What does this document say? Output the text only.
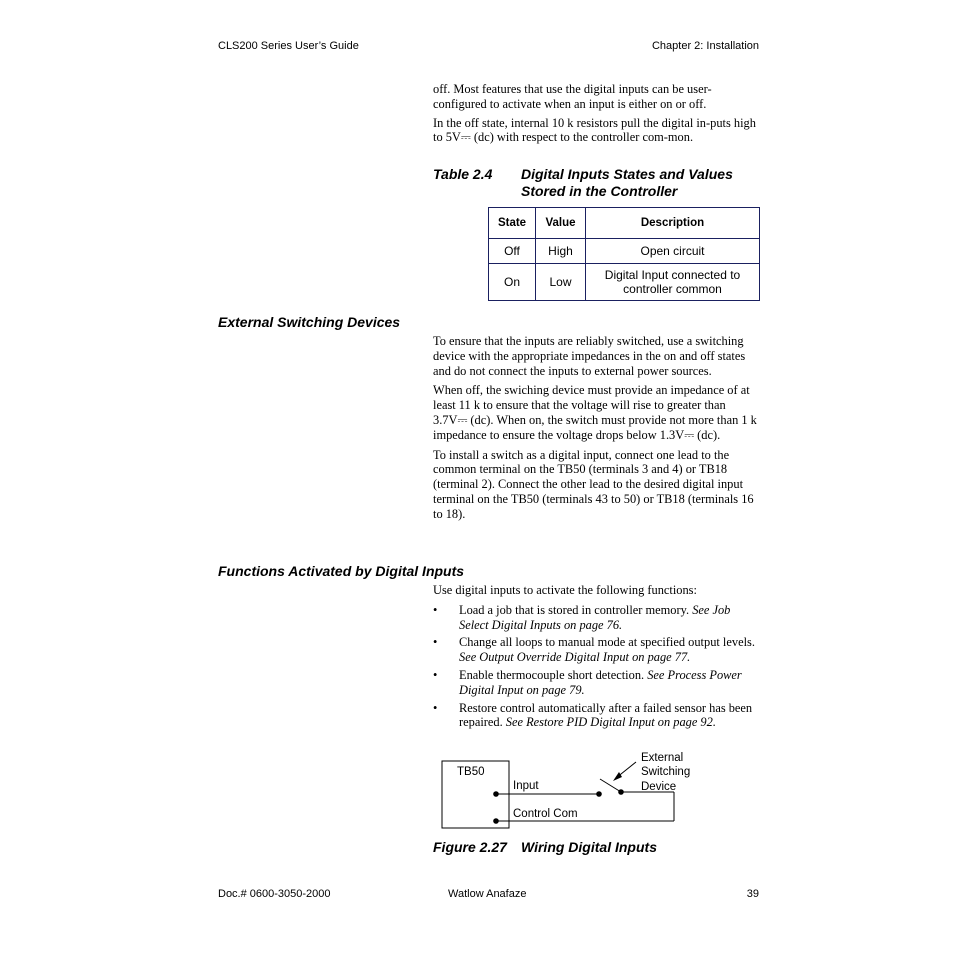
CLS200 Series User’s Guide	Chapter 2: Installation

off. Most features that use the digital inputs can be user-configured to activate when an input is either on or off.

In the off state, internal 10 k resistors pull the digital in-puts high to 5V⎓ (dc) with respect to the controller com-mon.

Table 2.4 Digital Inputs States and Values
Stored in the Controller
State	Value	Description
Off	High	Open circuit
On	Low	Digital Input connected to controller common
External Switching Devices

To ensure that the inputs are reliably switched, use a switching device with the appropriate impedances in the on and off states and do not connect the inputs to external power sources.

When off, the swiching device must provide an impedance of at least 11 k to ensure that the voltage will rise to greater than 3.7V⎓ (dc). When on, the switch must provide not more than 1 k impedance to ensure the voltage drops below 1.3V⎓ (dc).

To install a switch as a digital input, connect one lead to the common terminal on the TB50 (terminals 3 and 4) or TB18 (terminal 2). Connect the other lead to the desired digital input terminal on the TB50 (terminals 43 to 50) or TB18 (terminals 16 to 18).

Functions Activated by Digital Inputs

Use digital inputs to activate the following functions:

• Load a job that is stored in controller memory. See Job Select Digital Inputs on page 76.
• Change all loops to manual mode at specified output levels. See Output Override Digital Input on page 77.
• Enable thermocouple short detection. See Process Power Digital Input on page 79.
• Restore control automatically after a failed sensor has been repaired. See Restore PID Digital Input on page 92.
TB50
Input
Control Com
External
Switching
Device
Figure 2.27 Wiring Digital Inputs
Doc.# 0600-3050-2000	Watlow Anafaze	39
